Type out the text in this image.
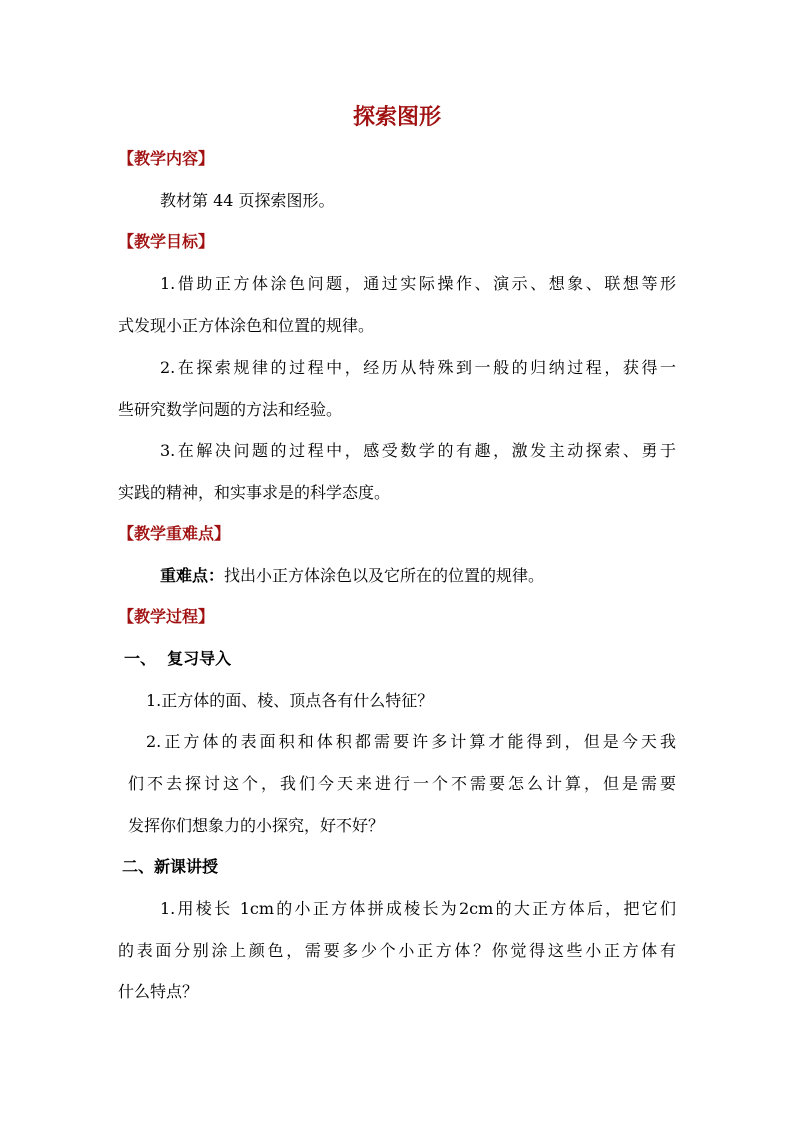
探索图形
【教学内容】
教材第 44 页探索图形。
【教学目标】
1.借助正方体涂色问题，通过实际操作、演示、想象、联想等形
式发现小正方体涂色和位置的规律。
2.在探索规律的过程中，经历从特殊到一般的归纳过程，获得一
些研究数学问题的方法和经验。
3.在解决问题的过程中，感受数学的有趣，激发主动探索、勇于
实践的精神，和实事求是的科学态度。
【教学重难点】
重难点：找出小正方体涂色以及它所在的位置的规律。
【教学过程】
一、  复习导入
1.正方体的面、棱、顶点各有什么特征？
2.正方体的表面积和体积都需要许多计算才能得到，但是今天我
们不去探讨这个，我们今天来进行一个不需要怎么计算，但是需要
发挥你们想象力的小探究，好不好？
二、新课讲授
1.用棱长 1cm的小正方体拼成棱长为2cm的大正方体后，把它们
的表面分别涂上颜色，需要多少个小正方体？你觉得这些小正方体有
什么特点？
